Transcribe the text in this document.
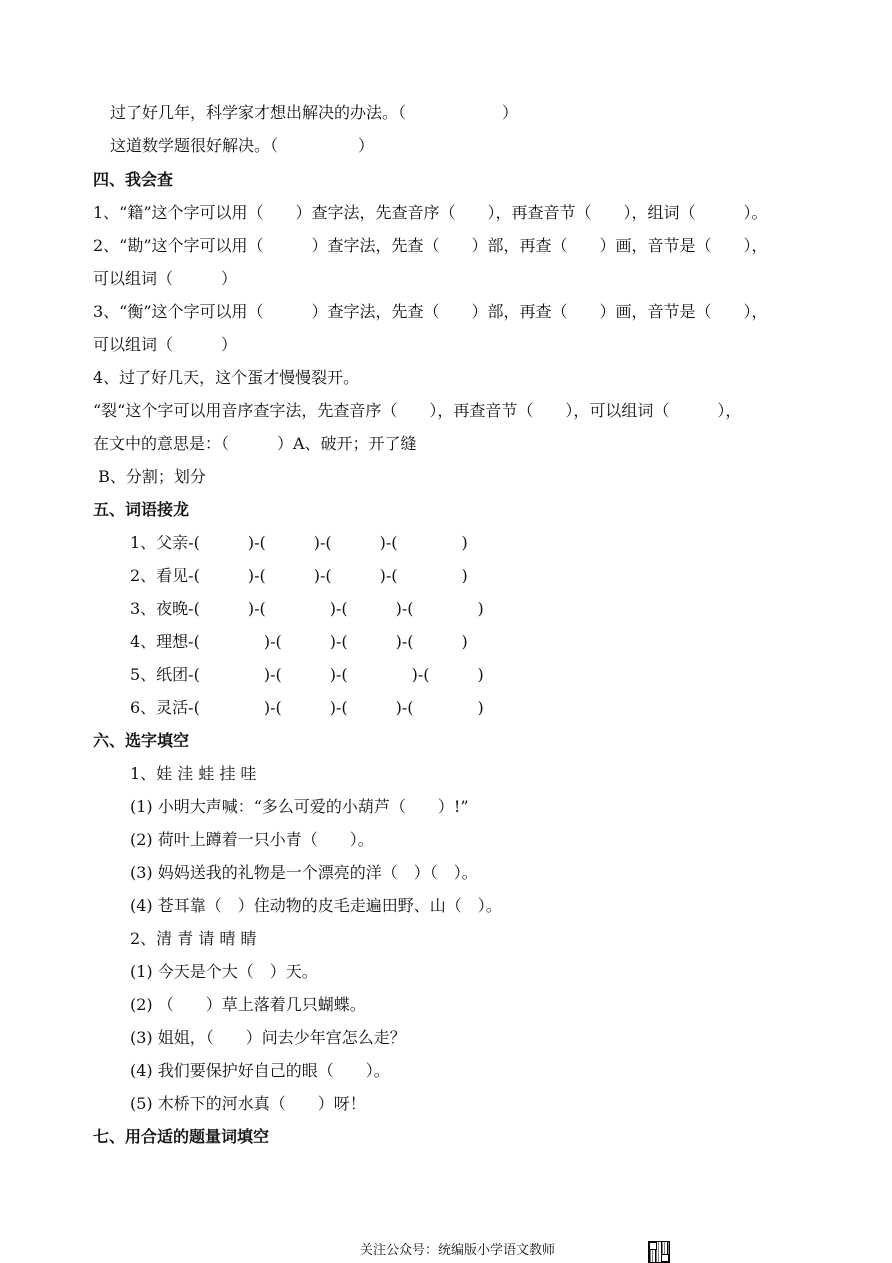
过了好几年，科学家才想出解决的办法。（　　　　　　）
这道数学题很好解决。（　　　　　）
四、我会查
1、“籍”这个字可以用（　　）查字法，先查音序（　　），再查音节（　　），组词（　　　）。
2、“勘”这个字可以用（　　　）查字法，先查（　　）部，再查（　　）画，音节是（　　），
可以组词（　　　）
3、“衡”这个字可以用（　　　）查字法，先查（　　）部，再查（　　）画，音节是（　　），
可以组词（　　　）
4、过了好几天，这个蛋才慢慢裂开。
“裂“这个字可以用音序查字法，先查音序（　　），再查音节（　　），可以组词（　　　），
在文中的意思是：（　　　）A、破开；开了缝
B、分割；划分
五、词语接龙
1、父亲-(　　　)-(　　　)-(　　　)-(　　　　)
2、看见-(　　　)-(　　　)-(　　　)-(　　　　)
3、夜晚-(　　　)-(　　　　)-(　　　)-(　　　　)
4、理想-(　　　　)-(　　　)-(　　　)-(　　　)
5、纸团-(　　　　)-(　　　)-(　　　　)-(　　　)
6、灵活-(　　　　)-(　　　)-(　　　)-(　　　　)
六、选字填空
1、娃 洼 蛙 挂 哇
(1) 小明大声喊：“多么可爱的小葫芦（　　）!”
(2) 荷叶上蹲着一只小青（　　）。
(3) 妈妈送我的礼物是一个漂亮的洋（　）（　）。
(4) 苍耳靠（　）住动物的皮毛走遍田野、山（　）。
2、清 青 请 晴 睛
(1) 今天是个大（　）天。
(2) （　　）草上落着几只蝴蝶。
(3) 姐姐，（　　）问去少年宫怎么走？
(4) 我们要保护好自己的眼（　　）。
(5) 木桥下的河水真（　　）呀！
七、用合适的题量词填空
关注公众号：统编版小学语文教师
